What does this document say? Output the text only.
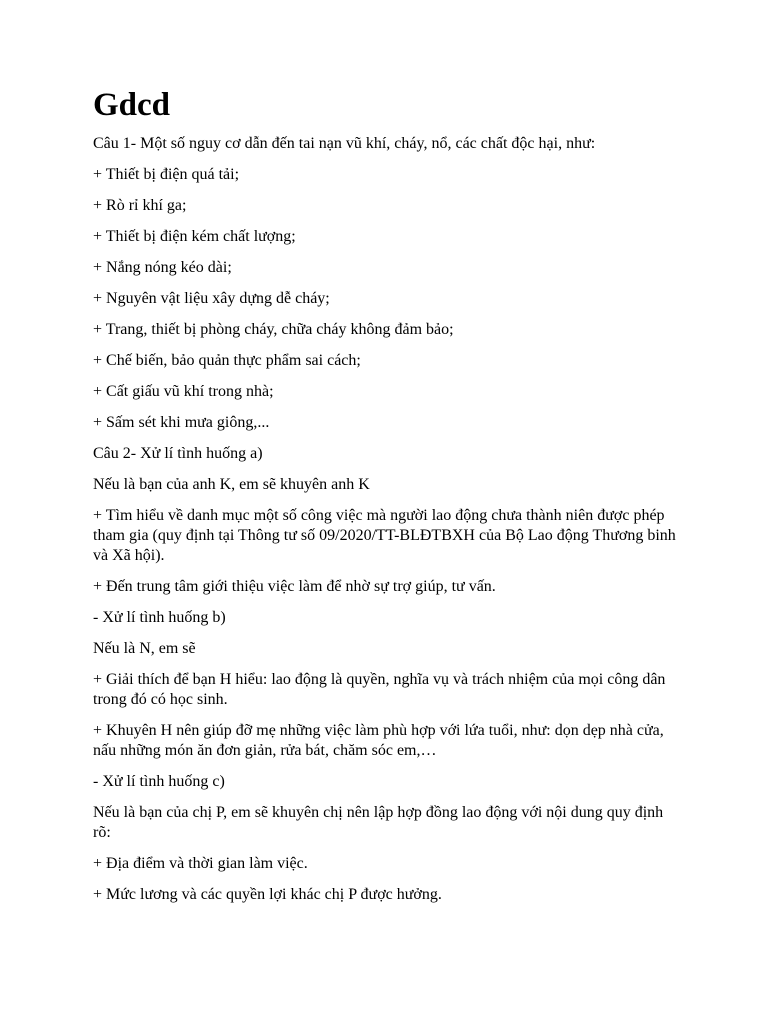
Gdcd

Câu 1- Một số nguy cơ dẫn đến tai nạn vũ khí, cháy, nổ, các chất độc hại, như:

+ Thiết bị điện quá tải;

+ Rò rỉ khí ga;

+ Thiết bị điện kém chất lượng;

+ Nắng nóng kéo dài;

+ Nguyên vật liệu xây dựng dễ cháy;

+ Trang, thiết bị phòng cháy, chữa cháy không đảm bảo;

+ Chế biến, bảo quản thực phẩm sai cách;

+ Cất giấu vũ khí trong nhà;

+ Sấm sét khi mưa giông,...

Câu 2- Xử lí tình huống a)

Nếu là bạn của anh K, em sẽ khuyên anh K

+ Tìm hiểu về danh mục một số công việc mà người lao động chưa thành niên được phép tham gia (quy định tại Thông tư số 09/2020/TT-BLĐTBXH của Bộ Lao động Thương binh và Xã hội).

+ Đến trung tâm giới thiệu việc làm để nhờ sự trợ giúp, tư vấn.

- Xử lí tình huống b)

Nếu là N, em sẽ

+ Giải thích để bạn H hiểu: lao động là quyền, nghĩa vụ và trách nhiệm của mọi công dân trong đó có học sinh.

+ Khuyên H nên giúp đỡ mẹ những việc làm phù hợp với lứa tuổi, như: dọn dẹp nhà cửa, nấu những món ăn đơn giản, rửa bát, chăm sóc em,…

- Xử lí tình huống c)

Nếu là bạn của chị P, em sẽ khuyên chị nên lập hợp đồng lao động với nội dung quy định rõ:

+ Địa điểm và thời gian làm việc.

+ Mức lương và các quyền lợi khác chị P được hưởng.
